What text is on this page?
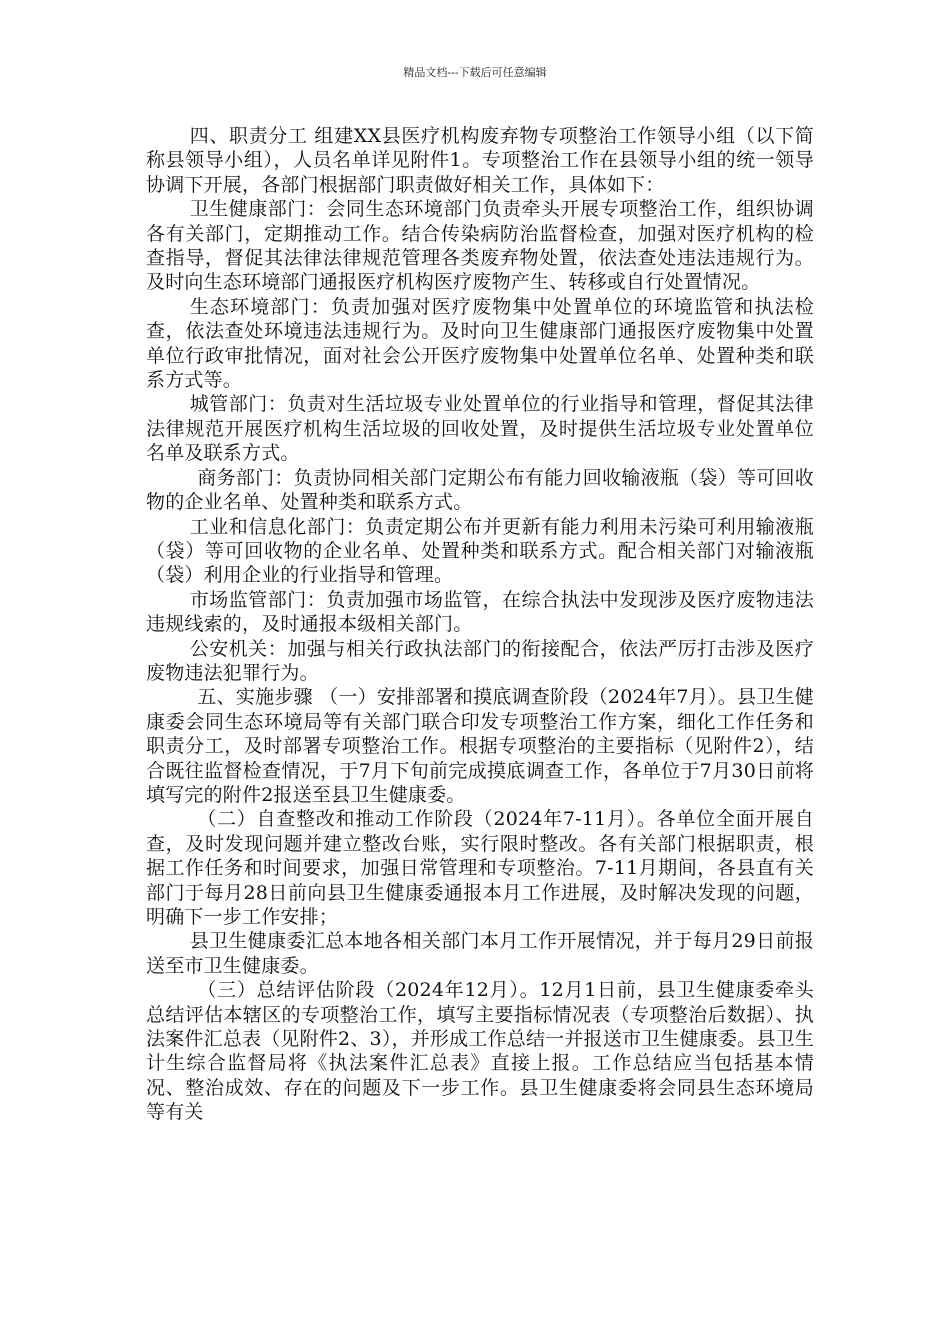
精品文档---下载后可任意编辑

四、职责分工 组建XX县医疗机构废弃物专项整治工作领导小组（以下简称县领导小组），人员名单详见附件1。专项整治工作在县领导小组的统一领导协调下开展，各部门根据部门职责做好相关工作，具体如下：

卫生健康部门：会同生态环境部门负责牵头开展专项整治工作，组织协调各有关部门，定期推动工作。结合传染病防治监督检查，加强对医疗机构的检查指导，督促其法律法律规范管理各类废弃物处置，依法查处违法违规行为。及时向生态环境部门通报医疗机构医疗废物产生、转移或自行处置情况。

生态环境部门：负责加强对医疗废物集中处置单位的环境监管和执法检查，依法查处环境违法违规行为。及时向卫生健康部门通报医疗废物集中处置单位行政审批情况，面对社会公开医疗废物集中处置单位名单、处置种类和联系方式等。

城管部门：负责对生活垃圾专业处置单位的行业指导和管理，督促其法律法律规范开展医疗机构生活垃圾的回收处置，及时提供生活垃圾专业处置单位名单及联系方式。

商务部门：负责协同相关部门定期公布有能力回收输液瓶（袋）等可回收物的企业名单、处置种类和联系方式。

工业和信息化部门：负责定期公布并更新有能力利用未污染可利用输液瓶（袋）等可回收物的企业名单、处置种类和联系方式。配合相关部门对输液瓶（袋）利用企业的行业指导和管理。

市场监管部门：负责加强市场监管，在综合执法中发现涉及医疗废物违法违规线索的，及时通报本级相关部门。

公安机关：加强与相关行政执法部门的衔接配合，依法严厉打击涉及医疗废物违法犯罪行为。

五、实施步骤 （一）安排部署和摸底调查阶段（2024年7月）。县卫生健康委会同生态环境局等有关部门联合印发专项整治工作方案，细化工作任务和职责分工，及时部署专项整治工作。根据专项整治的主要指标（见附件2），结合既往监督检查情况，于7月下旬前完成摸底调查工作，各单位于7月30日前将填写完的附件2报送至县卫生健康委。

（二）自查整改和推动工作阶段（2024年7-11月）。各单位全面开展自查，及时发现问题并建立整改台账，实行限时整改。各有关部门根据职责，根据工作任务和时间要求，加强日常管理和专项整治。7-11月期间，各县直有关部门于每月28日前向县卫生健康委通报本月工作进展，及时解决发现的问题，明确下一步工作安排；

县卫生健康委汇总本地各相关部门本月工作开展情况，并于每月29日前报送至市卫生健康委。

（三）总结评估阶段（2024年12月）。12月1日前，县卫生健康委牵头总结评估本辖区的专项整治工作，填写主要指标情况表（专项整治后数据）、执法案件汇总表（见附件2、3），并形成工作总结一并报送市卫生健康委。县卫生计生综合监督局将《执法案件汇总表》直接上报。工作总结应当包括基本情况、整治成效、存在的问题及下一步工作。县卫生健康委将会同县生态环境局等有关
